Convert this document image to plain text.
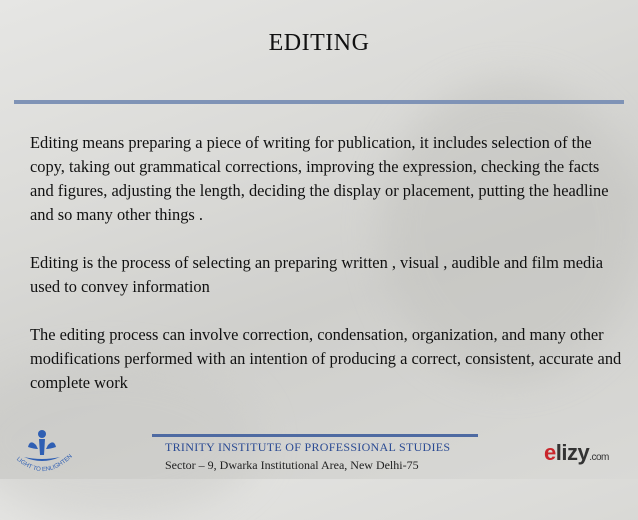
EDITING

Editing means preparing a piece of writing for publication, it includes selection of the copy, taking out grammatical corrections, improving the expression, checking the facts and figures, adjusting the length, deciding the display or placement, putting the headline and so many other things .

Editing is the process of selecting an preparing written , visual , audible and film media used to convey information

The editing process can involve correction, condensation, organization, and many other modifications performed with an intention of producing a correct, consistent, accurate and complete work

LIGHT TO ENLIGHTEN
TRINITY INSTITUTE OF PROFESSIONAL STUDIES
Sector – 9, Dwarka Institutional Area, New Delhi-75	elizy.com
